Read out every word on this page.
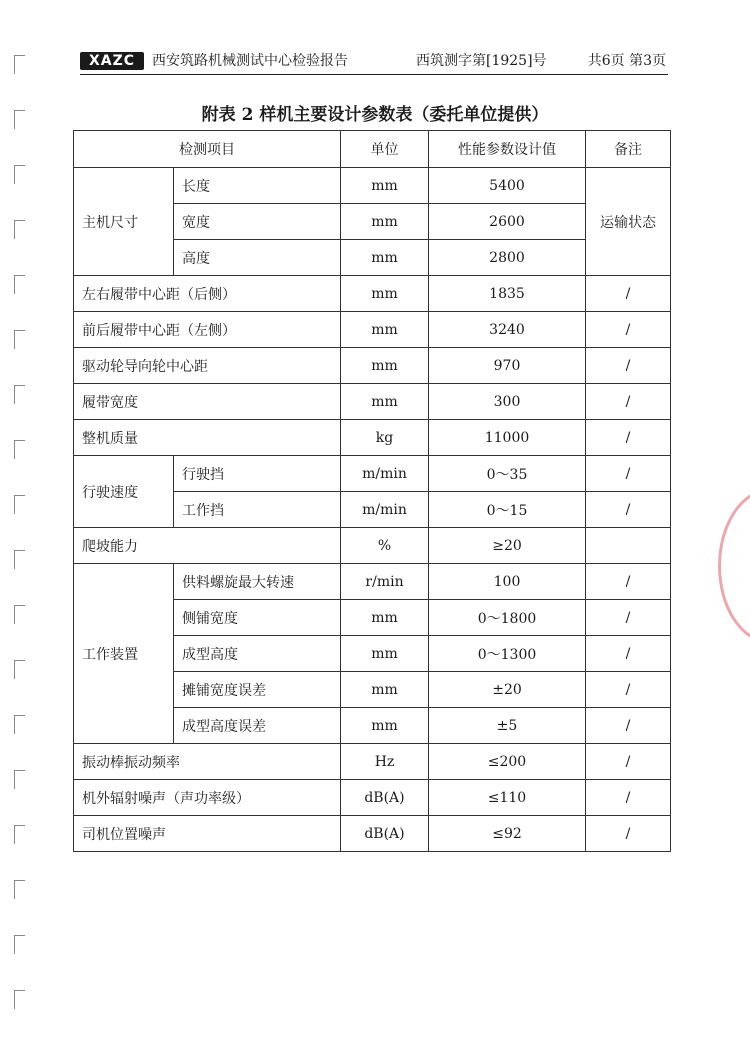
XAZC	西安筑路机械测试中心检验报告	西筑测字第[1925]号	共6页 第3页
附表 2 样机主要设计参数表（委托单位提供）
检测项目		单位	性能参数设计值	备注
主机尺寸	长度	mm	5400	运输状态
	宽度	mm	2600	
	高度	mm	2800	
左右履带中心距（后侧）		mm	1835	/
前后履带中心距（左侧）		mm	3240	/
驱动轮导向轮中心距		mm	970	/
履带宽度		mm	300	/
整机质量		kg	11000	/
行驶速度	行驶挡	m/min	0～35	/
	工作挡	m/min	0～15	/
爬坡能力		%	≥20	
工作装置	供料螺旋最大转速	r/min	100	/
	侧铺宽度	mm	0～1800	/
	成型高度	mm	0～1300	/
	摊铺宽度误差	mm	±20	/
	成型高度误差	mm	±5	/
振动棒振动频率		Hz	≤200	/
机外辐射噪声（声功率级）		dB(A)	≤110	/
司机位置噪声		dB(A)	≤92	/
